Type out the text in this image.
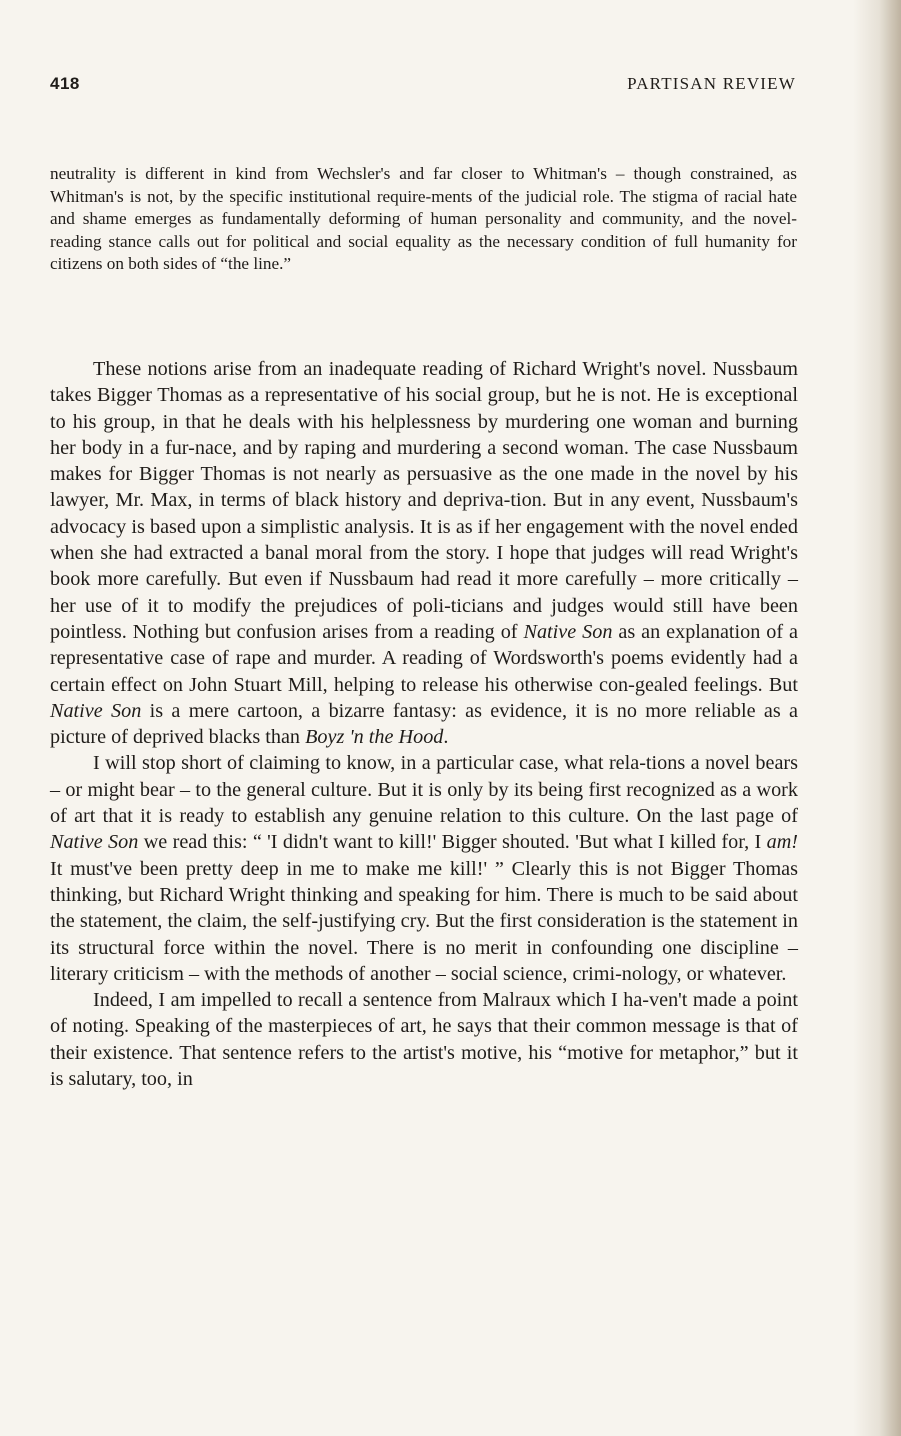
418	PARTISAN REVIEW

neutrality is different in kind from Wechsler's and far closer to Whitman's – though constrained, as Whitman's is not, by the specific institutional require-ments of the judicial role. The stigma of racial hate and shame emerges as fundamentally deforming of human personality and community, and the novel-reading stance calls out for political and social equality as the necessary condition of full humanity for citizens on both sides of “the line.”

These notions arise from an inadequate reading of Richard Wright's novel. Nussbaum takes Bigger Thomas as a representative of his social group, but he is not. He is exceptional to his group, in that he deals with his helplessness by murdering one woman and burning her body in a fur-nace, and by raping and murdering a second woman. The case Nussbaum makes for Bigger Thomas is not nearly as persuasive as the one made in the novel by his lawyer, Mr. Max, in terms of black history and depriva-tion. But in any event, Nussbaum's advocacy is based upon a simplistic analysis. It is as if her engagement with the novel ended when she had extracted a banal moral from the story. I hope that judges will read Wright's book more carefully. But even if Nussbaum had read it more carefully – more critically – her use of it to modify the prejudices of poli-ticians and judges would still have been pointless. Nothing but confusion arises from a reading of Native Son as an explanation of a representative case of rape and murder. A reading of Wordsworth's poems evidently had a certain effect on John Stuart Mill, helping to release his otherwise con-gealed feelings. But Native Son is a mere cartoon, a bizarre fantasy: as evidence, it is no more reliable as a picture of deprived blacks than Boyz 'n the Hood.

I will stop short of claiming to know, in a particular case, what rela-tions a novel bears – or might bear – to the general culture. But it is only by its being first recognized as a work of art that it is ready to establish any genuine relation to this culture. On the last page of Native Son we read this: “ 'I didn't want to kill!' Bigger shouted. 'But what I killed for, I am! It must've been pretty deep in me to make me kill!' ” Clearly this is not Bigger Thomas thinking, but Richard Wright thinking and speaking for him. There is much to be said about the statement, the claim, the self-justifying cry. But the first consideration is the statement in its structural force within the novel. There is no merit in confounding one discipline – literary criticism – with the methods of another – social science, crimi-nology, or whatever.

Indeed, I am impelled to recall a sentence from Malraux which I ha-ven't made a point of noting. Speaking of the masterpieces of art, he says that their common message is that of their existence. That sentence refers to the artist's motive, his “motive for metaphor,” but it is salutary, too, in
